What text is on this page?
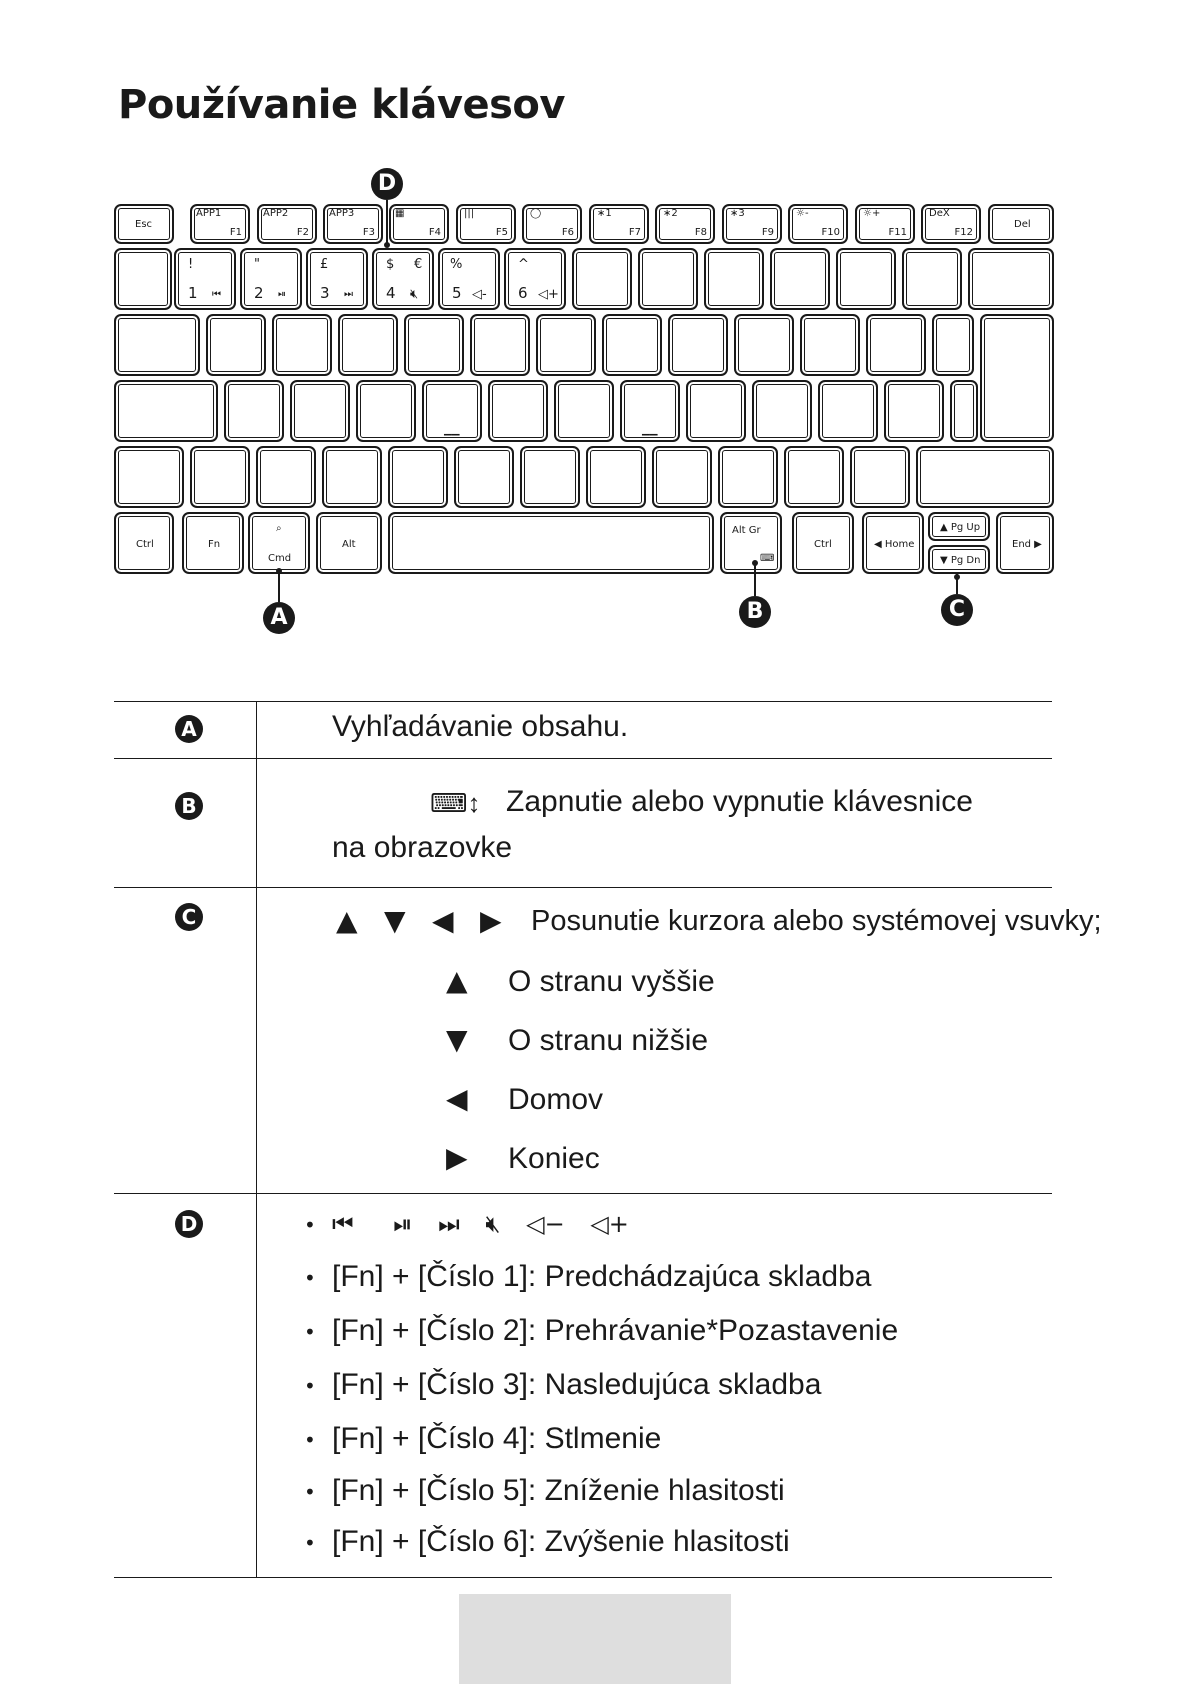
Používanie klávesov
Esc
APP1
F1
APP2
F2
APP3
F3
▦
F4
|||
F5
◯
F6
∗1
F7
∗2
F8
∗3
F9
☼-
F10
☼+
F11
DeX
F12
Del
!
1 ⏮
"
2 ⏯
£
3 ⏭
$ €
4 🔇︎
%
5 ◁-
^
6 ◁+
▁▁	▁▁
Ctrl	Fn
⌕
Cmd
Alt
Alt Gr
⌨
Ctrl	◀ Home
▲ Pg Up
▼ Pg Dn
End ▶
D
A	B	C
A	Vyhľadávanie obsahu.
B	⌨↕ Zapnutie alebo vypnutie klávesnice
na obrazovke
C	▲ ▼ ◀ ▶ Posunutie kurzora alebo systémovej vsuvky;
▲ O stranu vyššie
▼ O stranu nižšie
◀ Domov
▶ Koniec
D	• ⏮ ⏯ ⏭ 🔇︎ ◁− ◁+
• [Fn] + [Číslo 1]: Predchádzajúca skladba
• [Fn] + [Číslo 2]: Prehrávanie*Pozastavenie
• [Fn] + [Číslo 3]: Nasledujúca skladba
• [Fn] + [Číslo 4]: Stlmenie
• [Fn] + [Číslo 5]: Zníženie hlasitosti
• [Fn] + [Číslo 6]: Zvýšenie hlasitosti
